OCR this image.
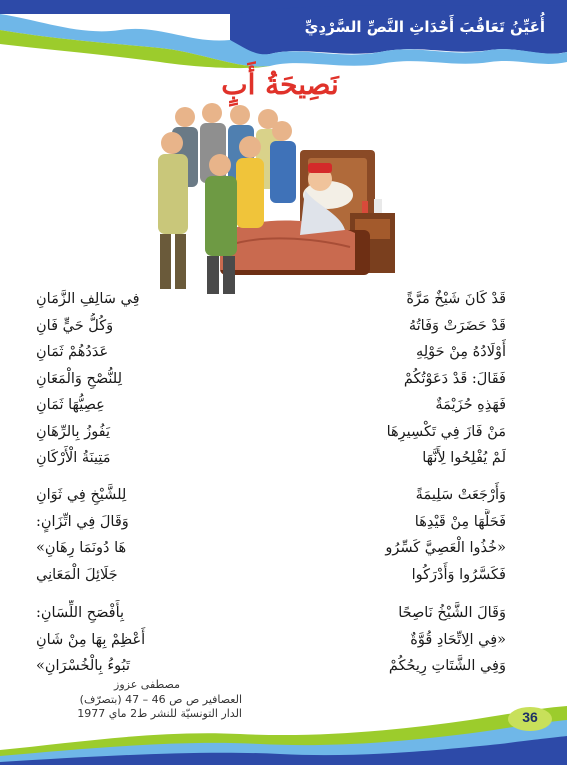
أُعَيِّنُ تَعَاقُبَ أَحْدَاثِ النَّصِّ السَّرْدِيِّ
نَصِيحَةُ أَبٍ
قَدْ كَانَ شَيْخٌ مَرَّةً
فِي سَالِفِ الزَّمَانِ
قَدْ حَضَرَتْ وَفَاتُهُ
وَكُلُّ حَيٍّ فَانِ
أَوْلَادُهُ مِنْ حَوْلِهِ
عَدَدُهُمْ ثَمَانِ
فَقَالَ: قَدْ دَعَوْتُكُمْ
لِلنُّصْحِ وَالْمَعَانِ
فَهَذِهِ حُزَيْمَةٌ
عِصِيُّهَا ثَمَانِ
مَنْ فَازَ فِي تَكْسِيرِهَا
يَفُوزُ بِالرِّهَانِ
لَمْ يُفْلِحُوا لِأَنَّهَا
مَتِينَةُ الْأَرْكَانِ
وَأَرْجَعَتْ سَلِيمَةً
لِلشَّيْخِ فِي ثَوَانِ
فَحَلَّهَا مِنْ قَيْدِهَا
وَقَالَ فِي اتِّزَانٍ:
«خُذُوا الْعَصِيَّ كَسِّرُو
هَا دُونَمَا رِهَانِ»
فَكَسَّرُوا وَأَدْرَكُوا
جَلَائِلَ الْمَعَانِي
وَقَالَ الشَّيْخُ نَاصِحًا
بِأَفْصَحِ اللِّسَانِ:
«فِي الِاتِّحَادِ قُوَّةٌ
أَعْظِمْ بِهَا مِنْ شَانِ
وَفِي الشَّتَاتِ رِيحُكُمْ
تَبُوءُ بِالْخُسْرَانِ»
مصطفى عزوز
العصافير ص ص 46 – 47 (بتصرّف)
الدار التونسيّة للنشر ط2 ماي 1977	36
